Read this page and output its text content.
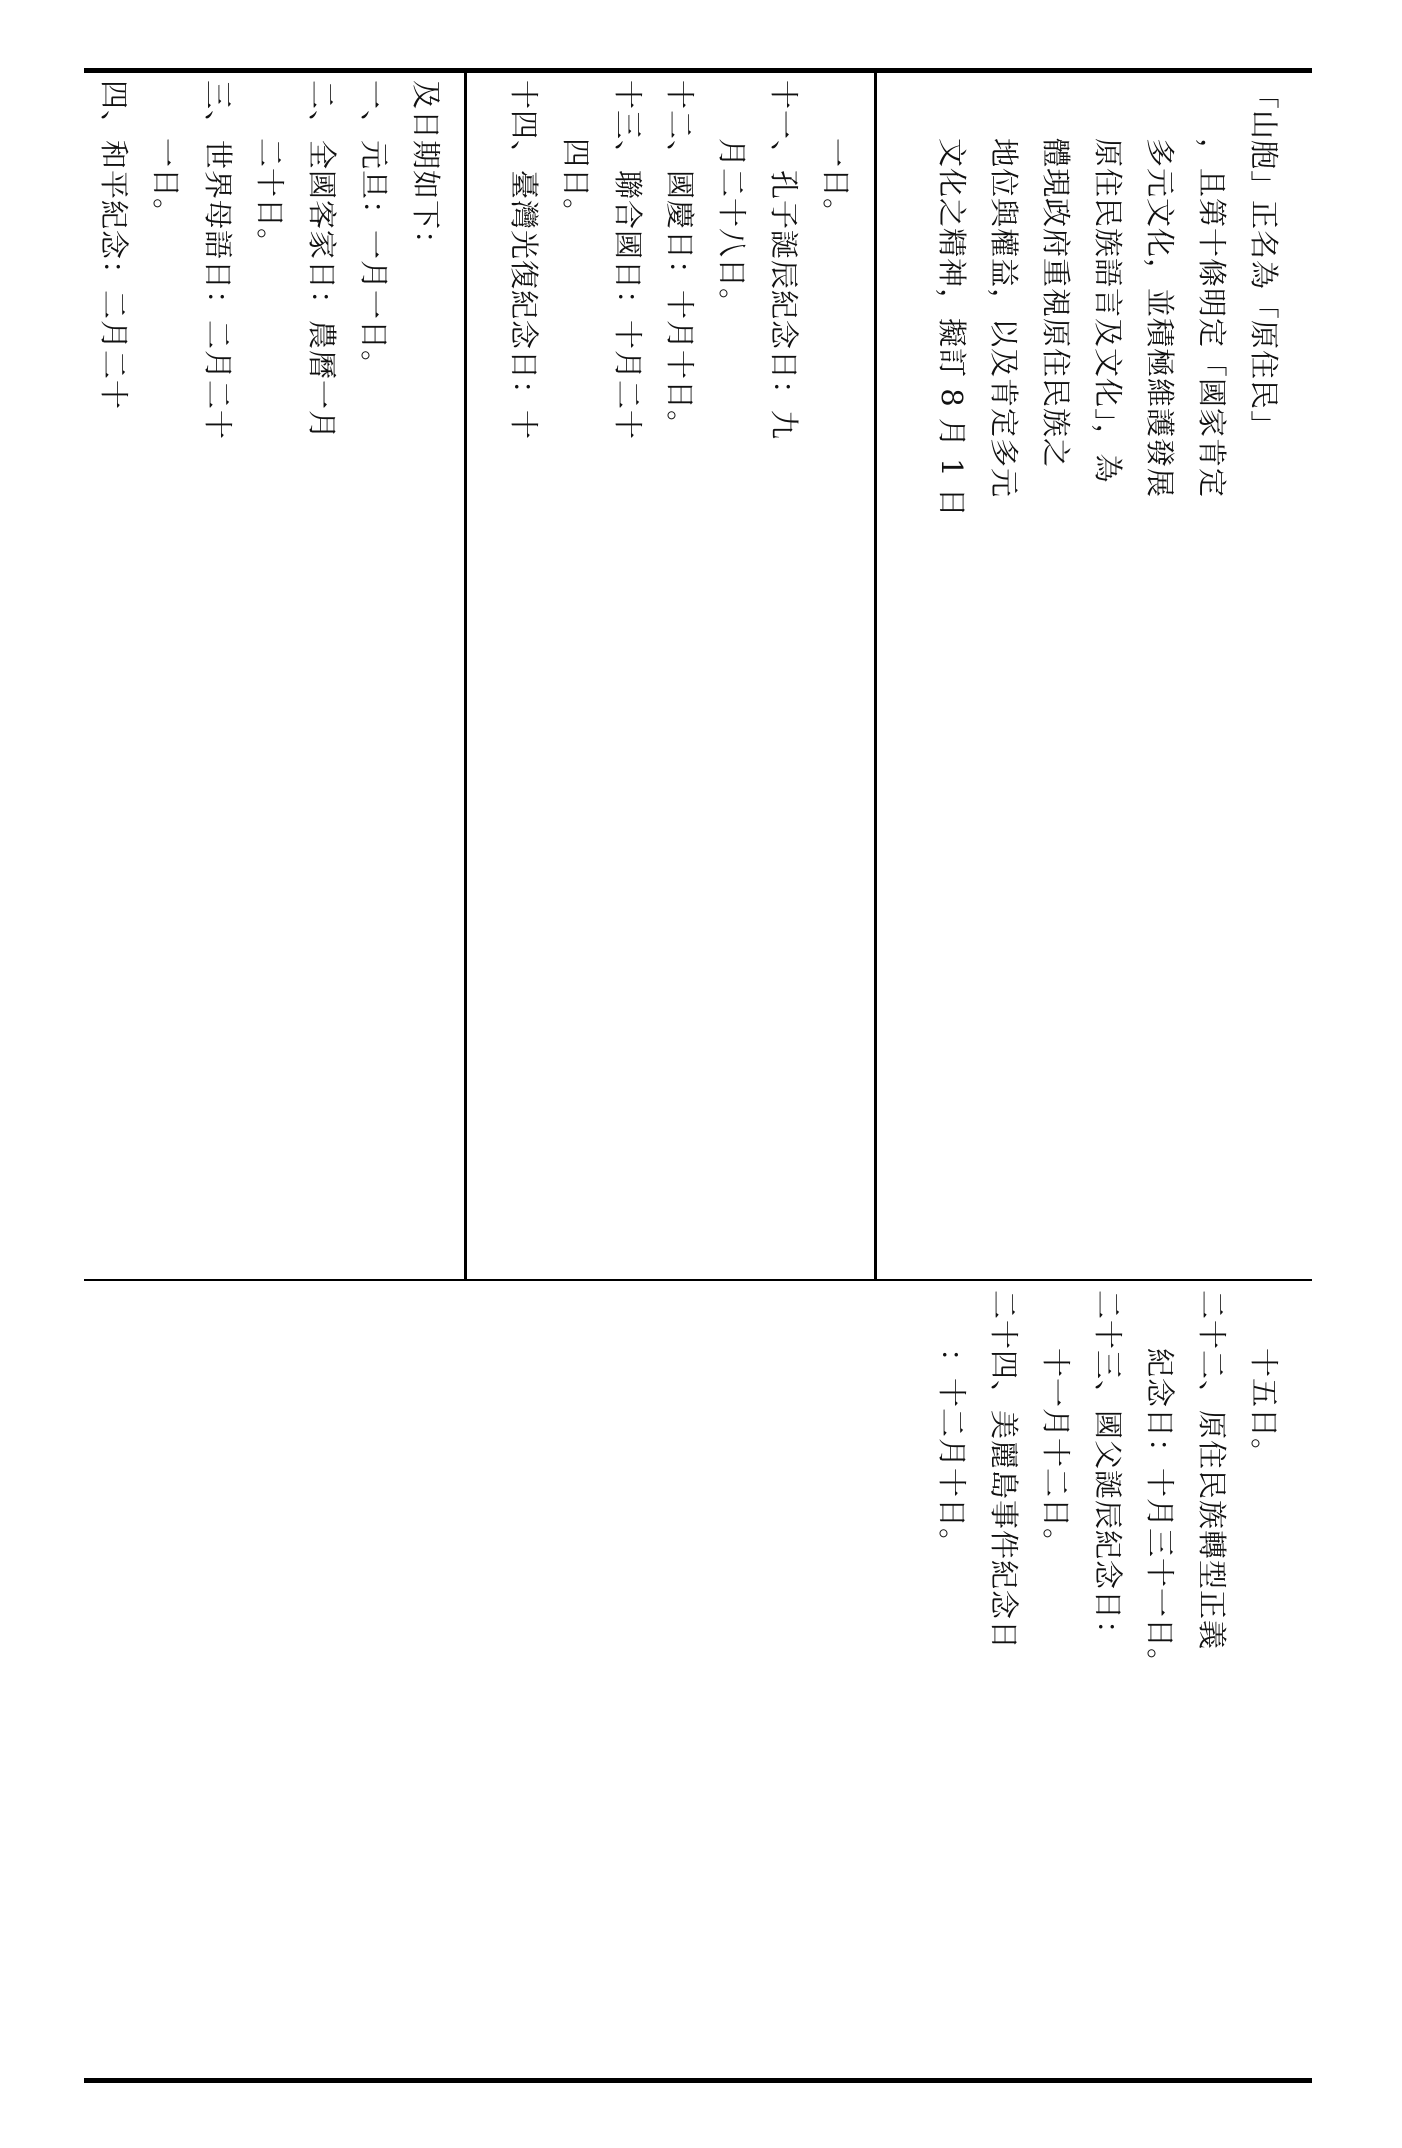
「山胞」正名為「原住民」
，且第十條明定「國家肯定
多元文化，並積極維護發展
原住民族語言及文化」，為
體現政府重視原住民族之
地位與權益，以及肯定多元
文化之精神，擬訂 8 月 1 日
一日。
十一、孔子誕辰紀念日：九
月二十八日。
十二、國慶日：十月十日。
十三、聯合國日：十月二十
四日。
十四、臺灣光復紀念日：十
及日期如下：
一、元旦：一月一日。
二、全國客家日：農曆一月
二十日。
三、世界母語日：二月二十
一日。
四、和平紀念：二月二十
十五日。
二十二、原住民族轉型正義
紀念日：十月三十一日。
二十三、國父誕辰紀念日：
十一月十二日。
二十四、美麗島事件紀念日
：十二月十日。
